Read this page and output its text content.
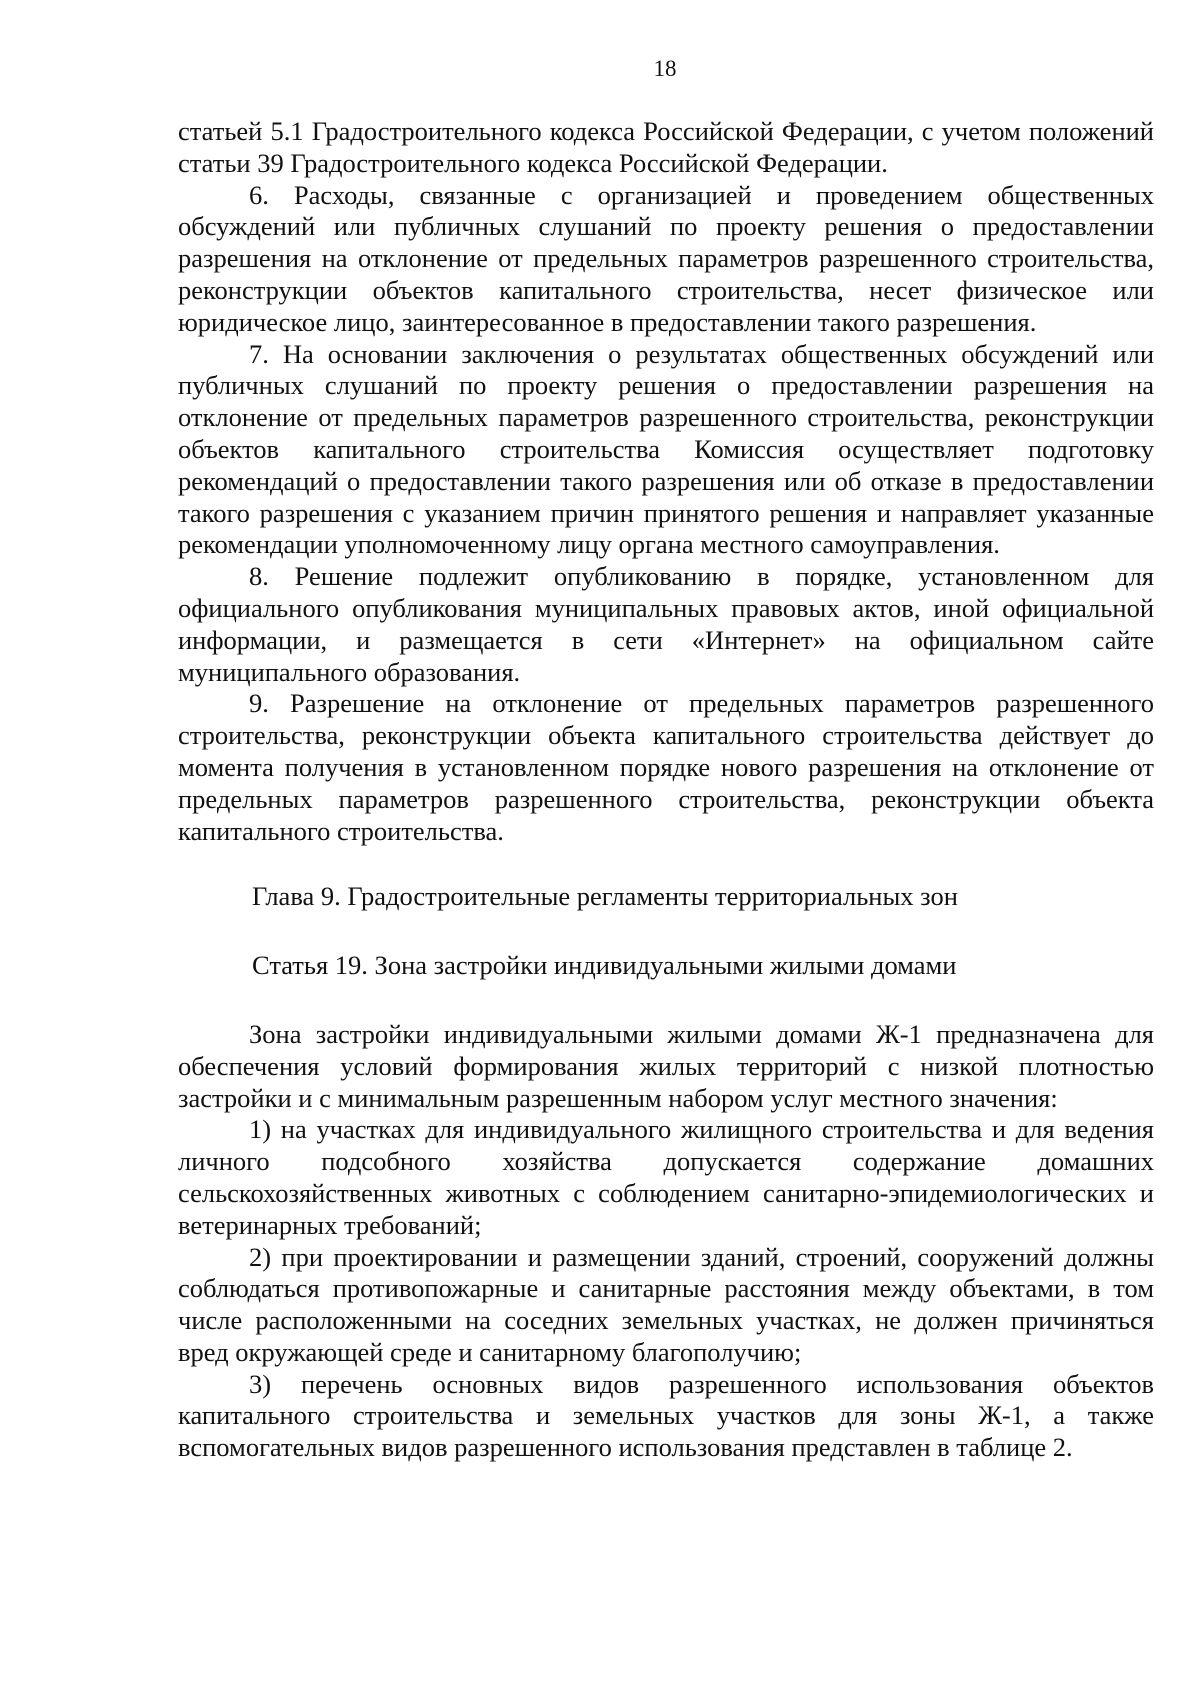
18

статьей 5.1 Градостроительного кодекса Российской Федерации, с учетом положений статьи 39 Градостроительного кодекса Российской Федерации.

6. Расходы, связанные с организацией и проведением общественных обсуждений или публичных слушаний по проекту решения о предоставлении разрешения на отклонение от предельных параметров разрешенного строительства, реконструкции объектов капитального строительства, несет физическое или юридическое лицо, заинтересованное в предоставлении такого разрешения.

7. На основании заключения о результатах общественных обсуждений или публичных слушаний по проекту решения о предоставлении разрешения на отклонение от предельных параметров разрешенного строительства, реконструкции объектов капитального строительства Комиссия осуществляет подготовку рекомендаций о предоставлении такого разрешения или об отказе в предоставлении такого разрешения с указанием причин принятого решения и направляет указанные рекомендации уполномоченному лицу органа местного самоуправления.

8. Решение подлежит опубликованию в порядке, установленном для официального опубликования муниципальных правовых актов, иной официальной информации, и размещается в сети «Интернет» на официальном сайте муниципального образования.

9. Разрешение на отклонение от предельных параметров разрешенного строительства, реконструкции объекта капитального строительства действует до момента получения в установленном порядке нового разрешения на отклонение от предельных параметров разрешенного строительства, реконструкции объекта капитального строительства.

Глава 9. Градостроительные регламенты территориальных зон

Статья 19. Зона застройки индивидуальными жилыми домами

Зона застройки индивидуальными жилыми домами Ж-1 предназначена для обеспечения условий формирования жилых территорий с низкой плотностью застройки и с минимальным разрешенным набором услуг местного значения:

1) на участках для индивидуального жилищного строительства и для ведения личного подсобного хозяйства допускается содержание домашних сельскохозяйственных животных с соблюдением санитарно-эпидемиологических и ветеринарных требований;

2) при проектировании и размещении зданий, строений, сооружений должны соблюдаться противопожарные и санитарные расстояния между объектами, в том числе расположенными на соседних земельных участках, не должен причиняться вред окружающей среде и санитарному благополучию;

3) перечень основных видов разрешенного использования объектов капитального строительства и земельных участков для зоны Ж-1, а также вспомогательных видов разрешенного использования представлен в таблице 2.
